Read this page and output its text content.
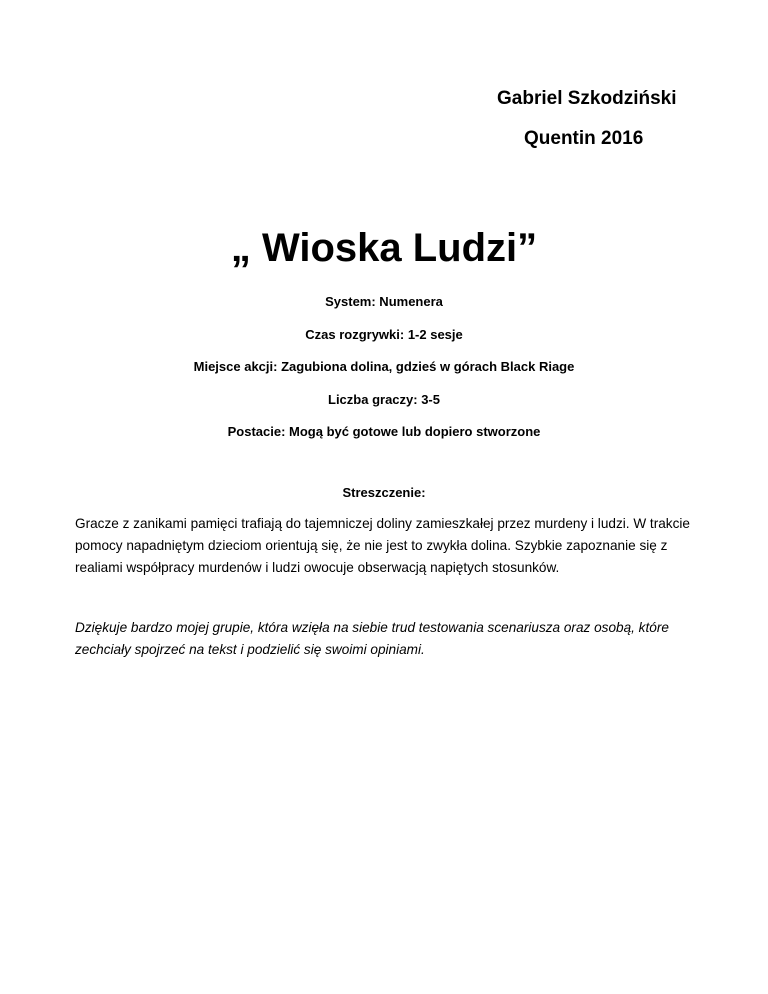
Gabriel Szkodziński
Quentin 2016
„ Wioska Ludzi”
System: Numenera
Czas rozgrywki: 1-2 sesje
Miejsce akcji: Zagubiona dolina, gdzieś w górach Black Riage
Liczba graczy: 3-5
Postacie: Mogą być gotowe lub dopiero stworzone
Streszczenie:
Gracze z zanikami pamięci trafiają do tajemniczej doliny zamieszkałej przez murdeny i ludzi. W trakcie pomocy napadniętym dzieciom orientują się, że nie jest to zwykła dolina. Szybkie zapoznanie się z realiami współpracy murdenów i ludzi owocuje obserwacją napiętych stosunków.
Dziękuje bardzo mojej grupie, która wzięła na siebie trud testowania scenariusza oraz osobą, które zechciały spojrzeć na tekst i podzielić się swoimi opiniami.
